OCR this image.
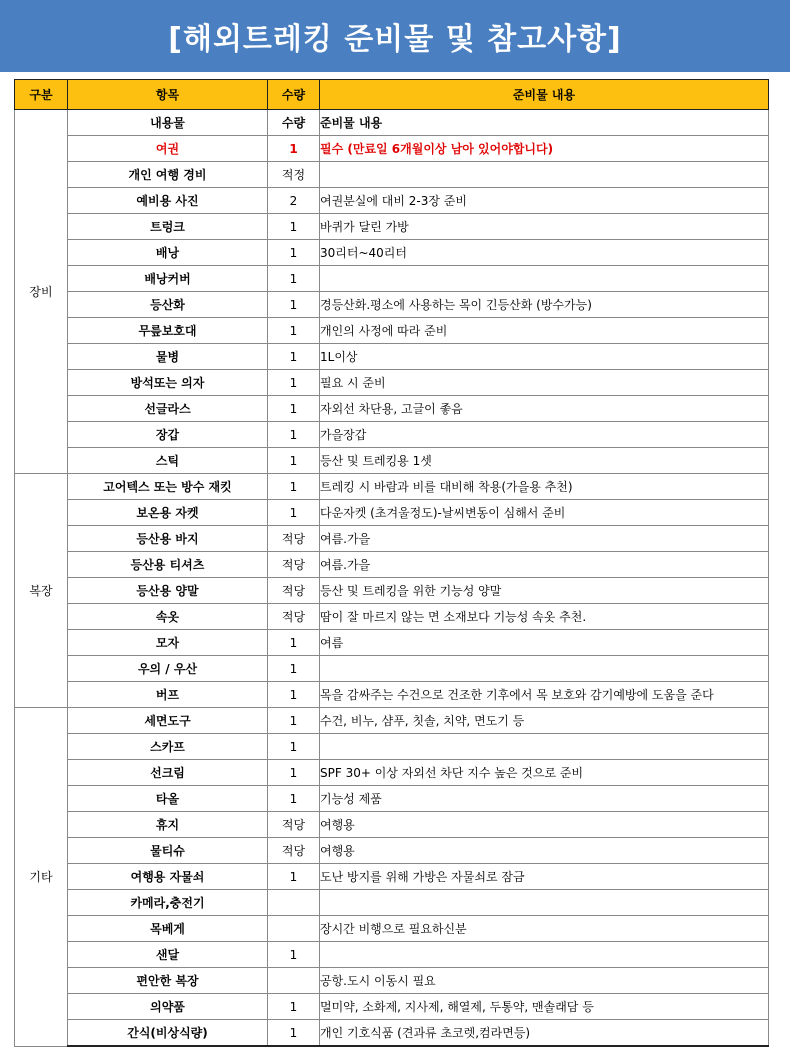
[해외트레킹 준비물 및 참고사항]
구분	항목	수량	준비물 내용
장비	내용물	수량	준비물 내용
	여권	1	필수 (만료일 6개월이상 남아 있어야합니다)
	개인 여행 경비	적정	
	예비용 사진	2	여권분실에 대비 2-3장 준비
	트렁크	1	바퀴가 달린 가방
	배낭	1	30리터~40리터
	배낭커버	1	
	등산화	1	경등산화.평소에 사용하는 목이 긴등산화 (방수가능)
	무릎보호대	1	개인의 사정에 따라 준비
	물병	1	1L이상
	방석또는 의자	1	필요 시 준비
	선글라스	1	자외선 차단용, 고글이 좋음
	장갑	1	가을장갑
	스틱	1	등산 및 트레킹용 1셋
복장	고어텍스 또는 방수 재킷	1	트레킹 시 바람과 비를 대비해 착용(가을용 추천)
	보온용 자켓	1	다운자켓 (초겨울정도)-날씨변동이 심해서 준비
	등산용 바지	적당	여름.가을
	등산용 티셔츠	적당	여름.가을
	등산용 양말	적당	등산 및 트레킹을 위한 기능성 양말
	속옷	적당	땀이 잘 마르지 않는 면 소재보다 기능성 속옷 추천.
	모자	1	여름
	우의 / 우산	1	
	버프	1	목을 감싸주는 수건으로 건조한 기후에서 목 보호와 감기예방에 도움을 준다
기타	세면도구	1	수건, 비누, 샴푸, 칫솔, 치약, 면도기 등
	스카프	1	
	선크림	1	SPF 30+ 이상 자외선 차단 지수 높은 것으로 준비
	타올	1	기능성 제품
	휴지	적당	여행용
	물티슈	적당	여행용
	여행용 자물쇠	1	도난 방지를 위해 가방은 자물쇠로 잠금
	카메라,충전기		
	목베게		장시간 비행으로 필요하신분
	샌달	1	
	편안한 복장		공항.도시 이동시 필요
	의약품	1	멀미약, 소화제, 지사제, 해열제, 두통약, 맨솔래담 등
	간식(비상식량)	1	개인 기호식품 (견과류 초코렛,컴라면등)
